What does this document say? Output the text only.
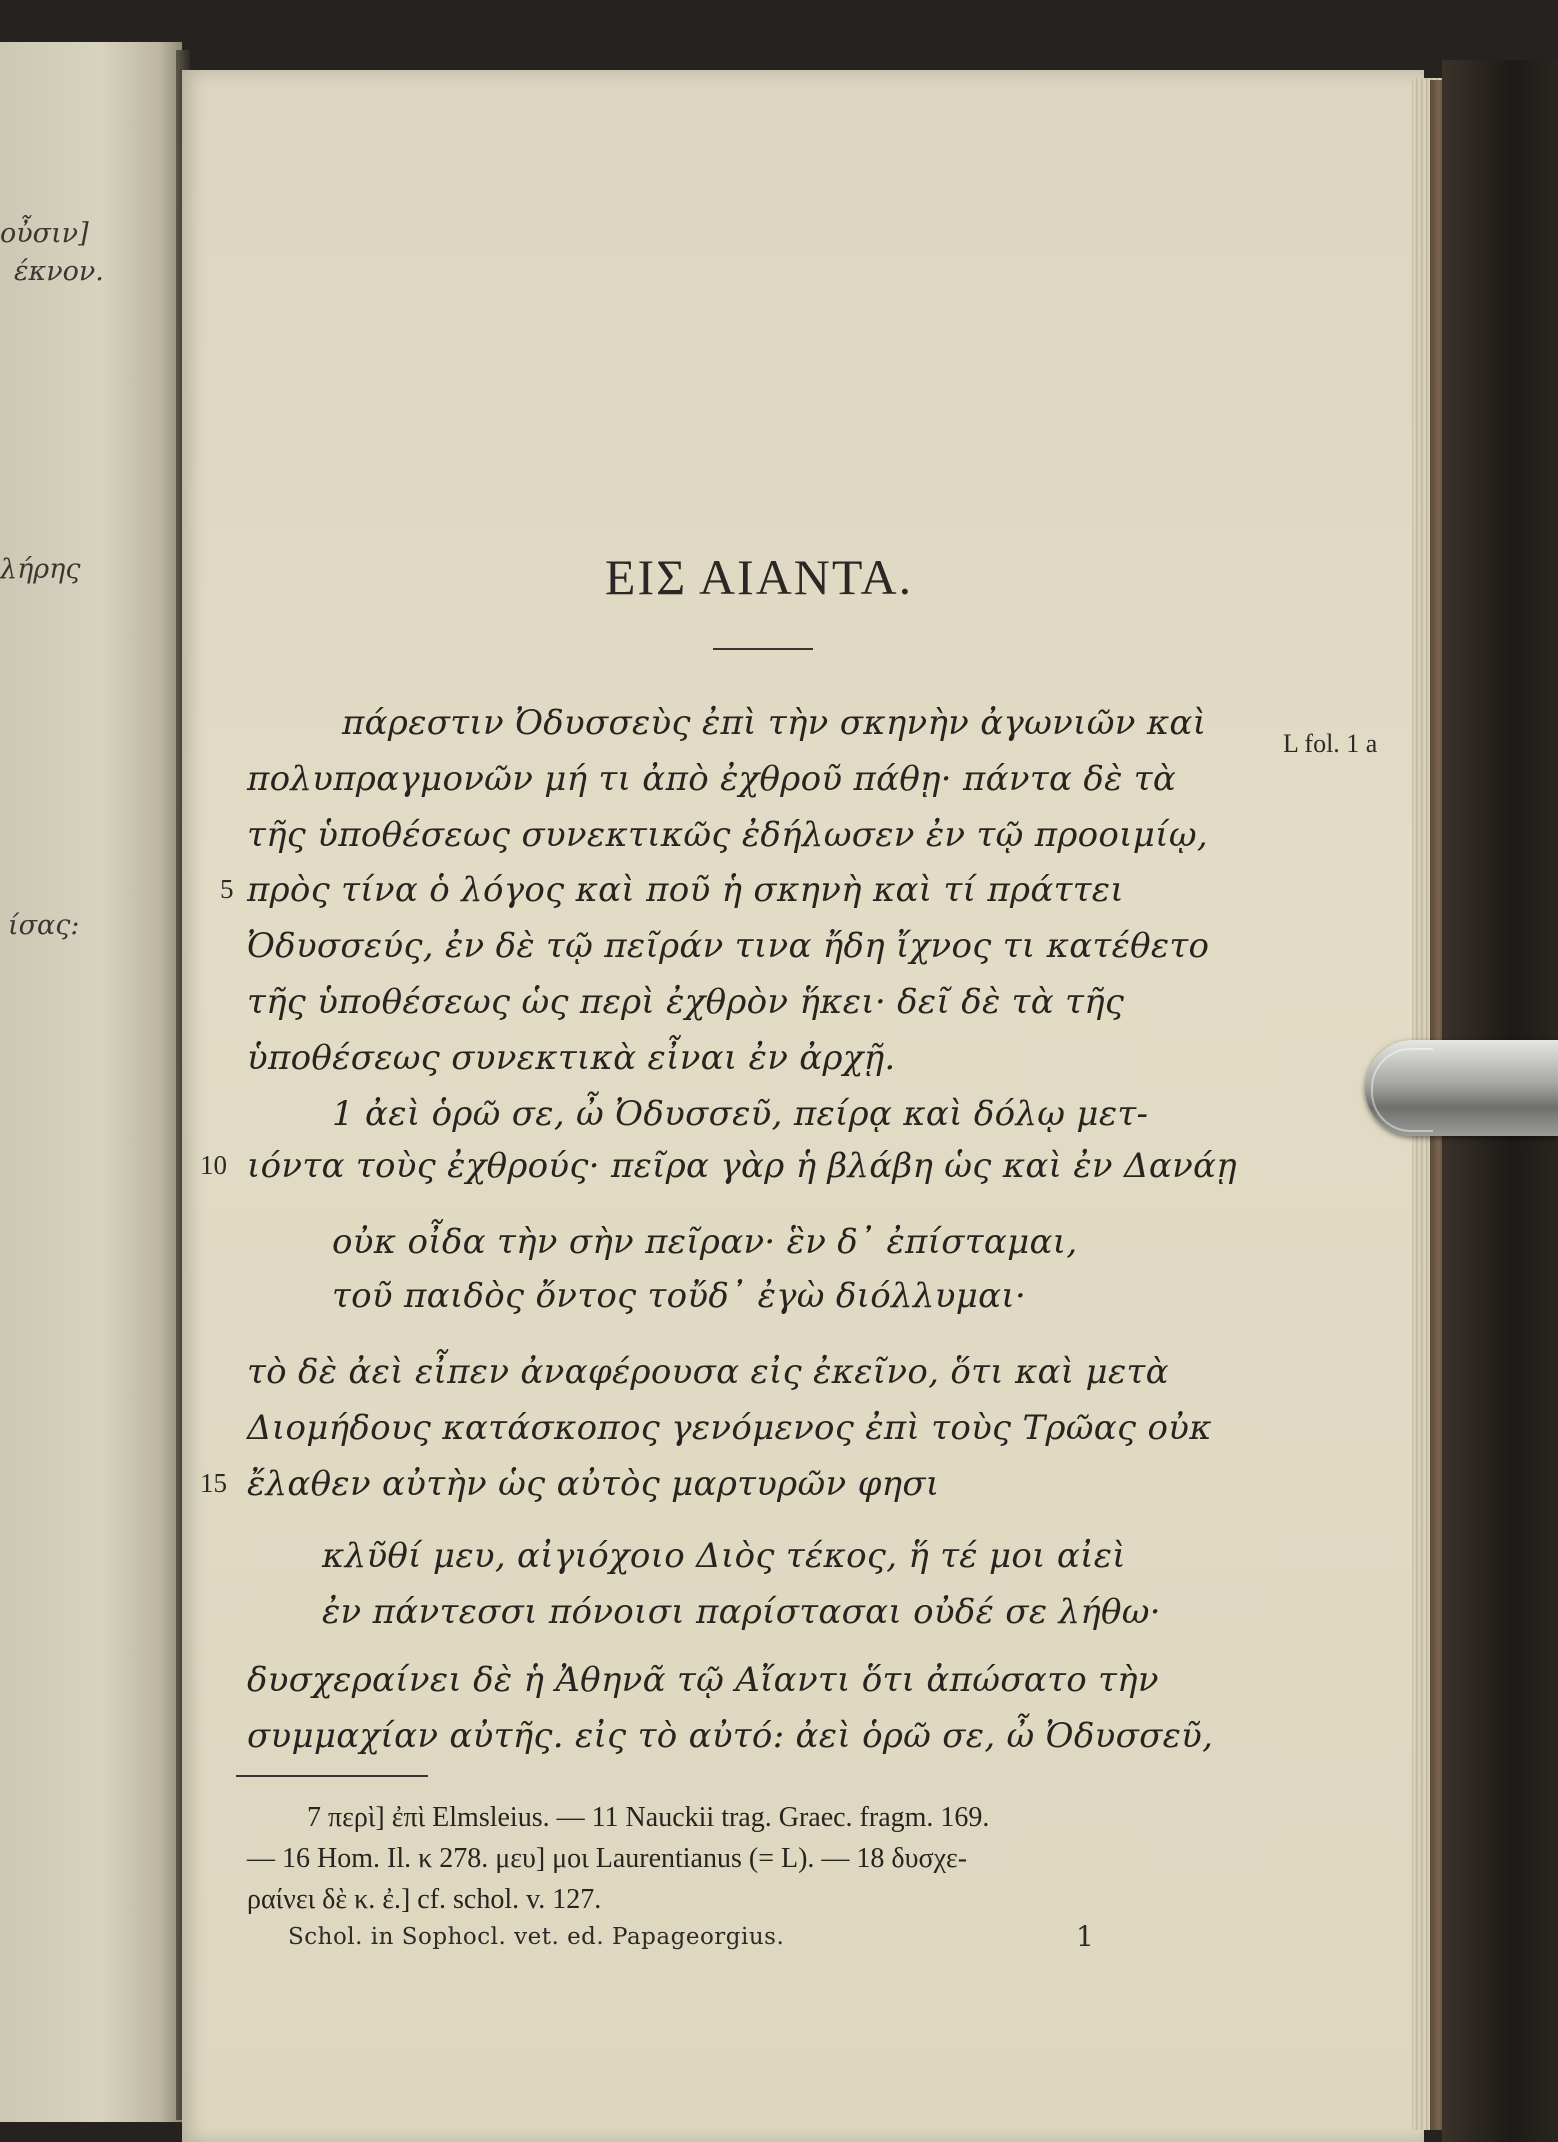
οὖσιν]
έκνον.
λήρης
ίσας:
ΕΙΣ ΑΙΑΝΤΑ.
L fol. 1 a
πάρεστιν Ὀδυσσεὺς ἐπὶ τὴν σκηνὴν ἀγωνιῶν καὶ
πολυπραγμονῶν μή τι ἀπὸ ἐχθροῦ πάθῃ· πάντα δὲ τὰ
τῆς ὑποθέσεως συνεκτικῶς ἐδήλωσεν ἐν τῷ προοιμίῳ,
5 πρὸς τίνα ὁ λόγος καὶ ποῦ ἡ σκηνὴ καὶ τί πράττει
Ὀδυσσεύς, ἐν δὲ τῷ πεῖράν τινα ἤδη ἴχνος τι κατέθετο
τῆς ὑποθέσεως ὡς περὶ ἐχθρὸν ἥκει· δεῖ δὲ τὰ τῆς
ὑποθέσεως συνεκτικὰ εἶναι ἐν ἀρχῇ.
1 ἀεὶ ὁρῶ σε, ὦ Ὀδυσσεῦ, πείρᾳ καὶ δόλῳ μετ-
10 ιόντα τοὺς ἐχθρούς· πεῖρα γὰρ ἡ βλάβη ὡς καὶ ἐν Δανάῃ
οὐκ οἶδα τὴν σὴν πεῖραν· ἓν δ᾽ ἐπίσταμαι,
τοῦ παιδὸς ὄντος τοὔδ᾽ ἐγὼ διόλλυμαι·
τὸ δὲ ἀεὶ εἶπεν ἀναφέρουσα εἰς ἐκεῖνο, ὅτι καὶ μετὰ
Διομήδους κατάσκοπος γενόμενος ἐπὶ τοὺς Τρῶας οὐκ
15 ἔλαθεν αὐτὴν ὡς αὐτὸς μαρτυρῶν φησι
κλῦθί μευ, αἰγιόχοιο Διὸς τέκος, ἥ τέ μοι αἰεὶ
ἐν πάντεσσι πόνοισι παρίστασαι οὐδέ σε λήθω·
δυσχεραίνει δὲ ἡ Ἀθηνᾶ τῷ Αἴαντι ὅτι ἀπώσατο τὴν
συμμαχίαν αὐτῆς. εἰς τὸ αὐτό: ἀεὶ ὁρῶ σε, ὦ Ὀδυσσεῦ,
7 περὶ] ἐπὶ Elmsleius. — 11 Nauckii trag. Graec. fragm. 169.
— 16 Hom. Il. κ 278. μευ] μοι Laurentianus (= L). — 18 δυσχε-
ραίνει δὲ κ. ἐ.] cf. schol. v. 127.
Schol. in Sophocl. vet. ed. Papageorgius.	1
